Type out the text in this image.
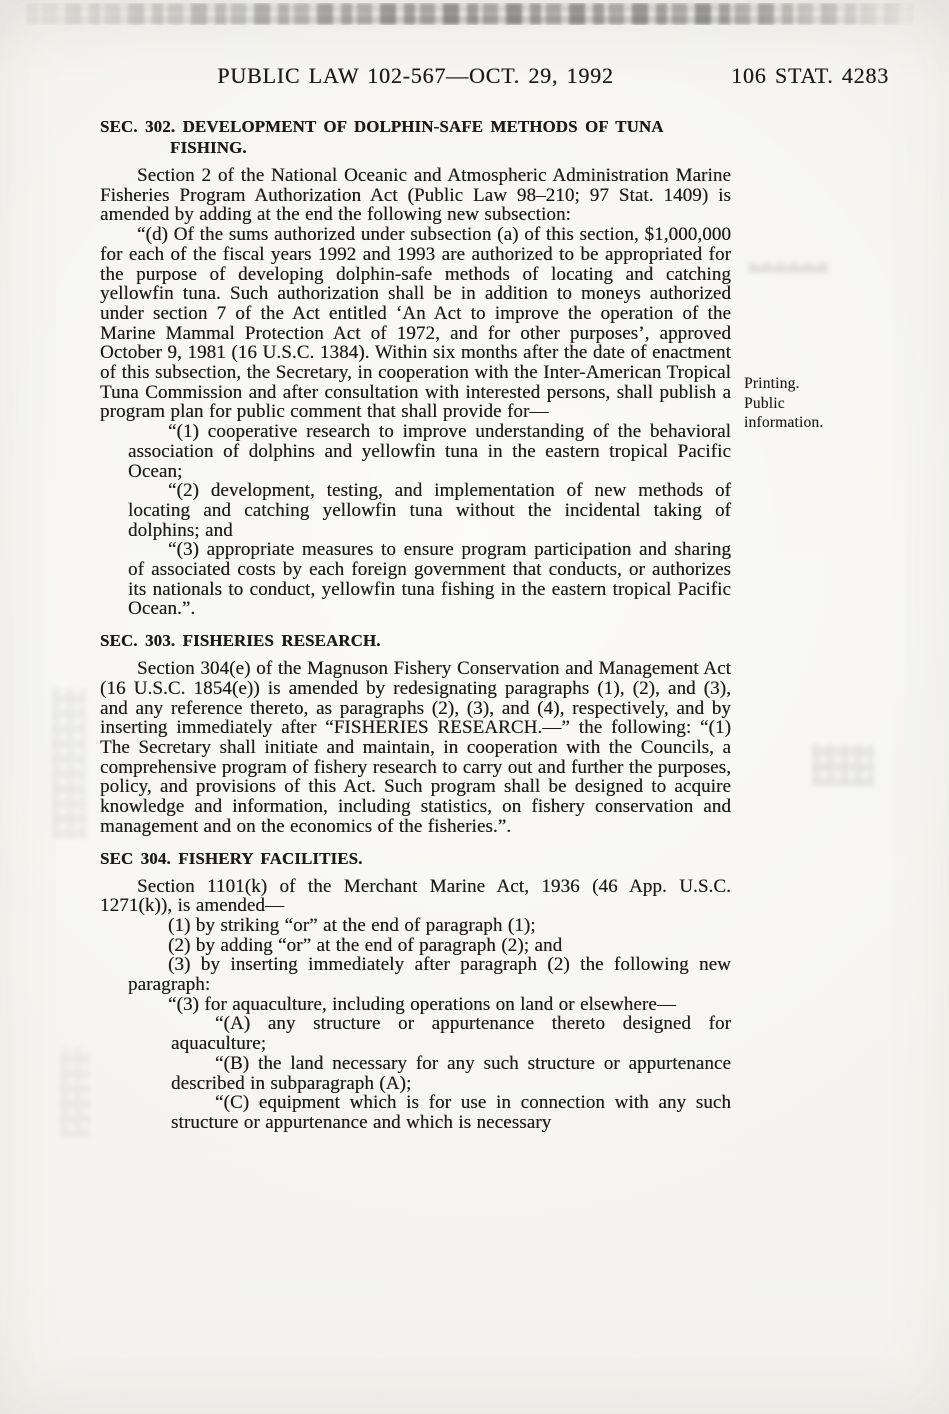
PUBLIC LAW 102-567—OCT. 29, 1992	106 STAT. 4283
SEC. 302. DEVELOPMENT OF DOLPHIN-SAFE METHODS OF TUNA FISHING.
Section 2 of the National Oceanic and Atmospheric Administration Marine Fisheries Program Authorization Act (Public Law 98–210; 97 Stat. 1409) is amended by adding at the end the following new subsection:
“(d) Of the sums authorized under subsection (a) of this section, $1,000,000 for each of the fiscal years 1992 and 1993 are authorized to be appropriated for the purpose of developing dolphin-safe methods of locating and catching yellowfin tuna. Such authorization shall be in addition to moneys authorized under section 7 of the Act entitled ‘An Act to improve the operation of the Marine Mammal Protection Act of 1972, and for other purposes’, approved October 9, 1981 (16 U.S.C. 1384). Within six months after the date of enactment of this subsection, the Secretary, in cooperation with the Inter-American Tropical Tuna Commission and after consultation with interested persons, shall publish a program plan for public comment that shall provide for—
“(1) cooperative research to improve understanding of the behavioral association of dolphins and yellowfin tuna in the eastern tropical Pacific Ocean;
“(2) development, testing, and implementation of new methods of locating and catching yellowfin tuna without the incidental taking of dolphins; and
“(3) appropriate measures to ensure program participation and sharing of associated costs by each foreign government that conducts, or authorizes its nationals to conduct, yellowfin tuna fishing in the eastern tropical Pacific Ocean.”.
SEC. 303. FISHERIES RESEARCH.
Section 304(e) of the Magnuson Fishery Conservation and Management Act (16 U.S.C. 1854(e)) is amended by redesignating paragraphs (1), (2), and (3), and any reference thereto, as paragraphs (2), (3), and (4), respectively, and by inserting immediately after “FISHERIES RESEARCH.—” the following: “(1) The Secretary shall initiate and maintain, in cooperation with the Councils, a comprehensive program of fishery research to carry out and further the purposes, policy, and provisions of this Act. Such program shall be designed to acquire knowledge and information, including statistics, on fishery conservation and management and on the economics of the fisheries.”.
SEC 304. FISHERY FACILITIES.
Section 1101(k) of the Merchant Marine Act, 1936 (46 App. U.S.C. 1271(k)), is amended—
(1) by striking “or” at the end of paragraph (1);
(2) by adding “or” at the end of paragraph (2); and
(3) by inserting immediately after paragraph (2) the following new paragraph:
“(3) for aquaculture, including operations on land or elsewhere—
“(A) any structure or appurtenance thereto designed for aquaculture;
“(B) the land necessary for any such structure or appurtenance described in subparagraph (A);
“(C) equipment which is for use in connection with any such structure or appurtenance and which is necessary
Printing.
Public information.
